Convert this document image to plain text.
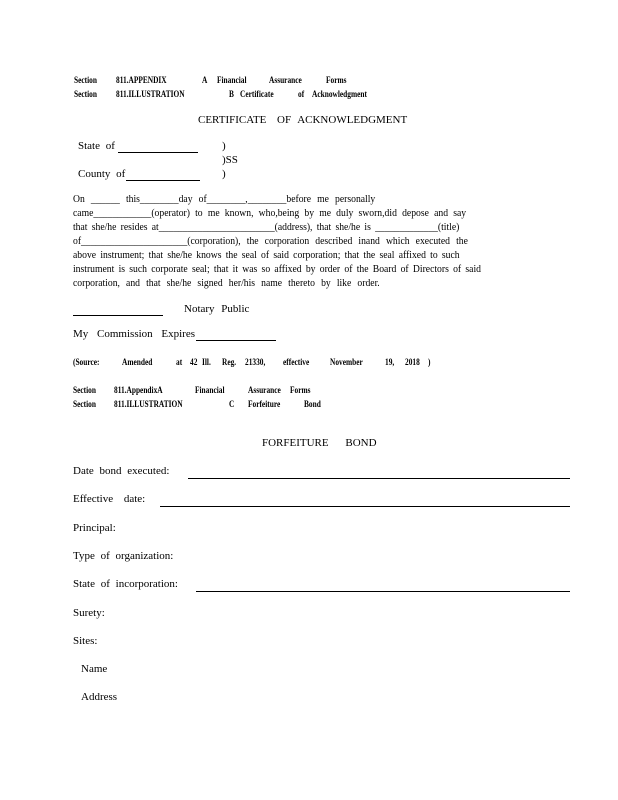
Section 811.APPENDIX	A Financial Assurance	Forms
Section 811.ILLUSTRATION	B Certificate	of Acknowledgment
CERTIFICATE OF ACKNOWLEDGMENT
State of	)
)SS
County of	)
On ______ this________day of________,________before me personally
came____________(operator) to me known, who,being by me duly sworn,did depose and say
that she/he resides at________________________(address), that she/he is _____________(title)
of______________________(corporation), the corporation described inand which executed the
above instrument; that she/he knows the seal of said corporation; that the seal affixed to such
instrument is such corporate seal; that it was so affixed by order of the Board of Directors of said
corporation, and that she/he signed her/his name thereto by like order.
Notary Public
My Commission Expires
(Source: Amended	at 42 Ill. Reg. 21330, effective November 19, 2018 )
Section 811.AppendixA	Financial	Assurance Forms
Section 811.ILLUSTRATION	C Forfeiture	Bond
FORFEITURE BOND
Date bond executed:
Effective date:
Principal:
Type of organization:
State of incorporation:
Surety:
Sites:
Name
Address
